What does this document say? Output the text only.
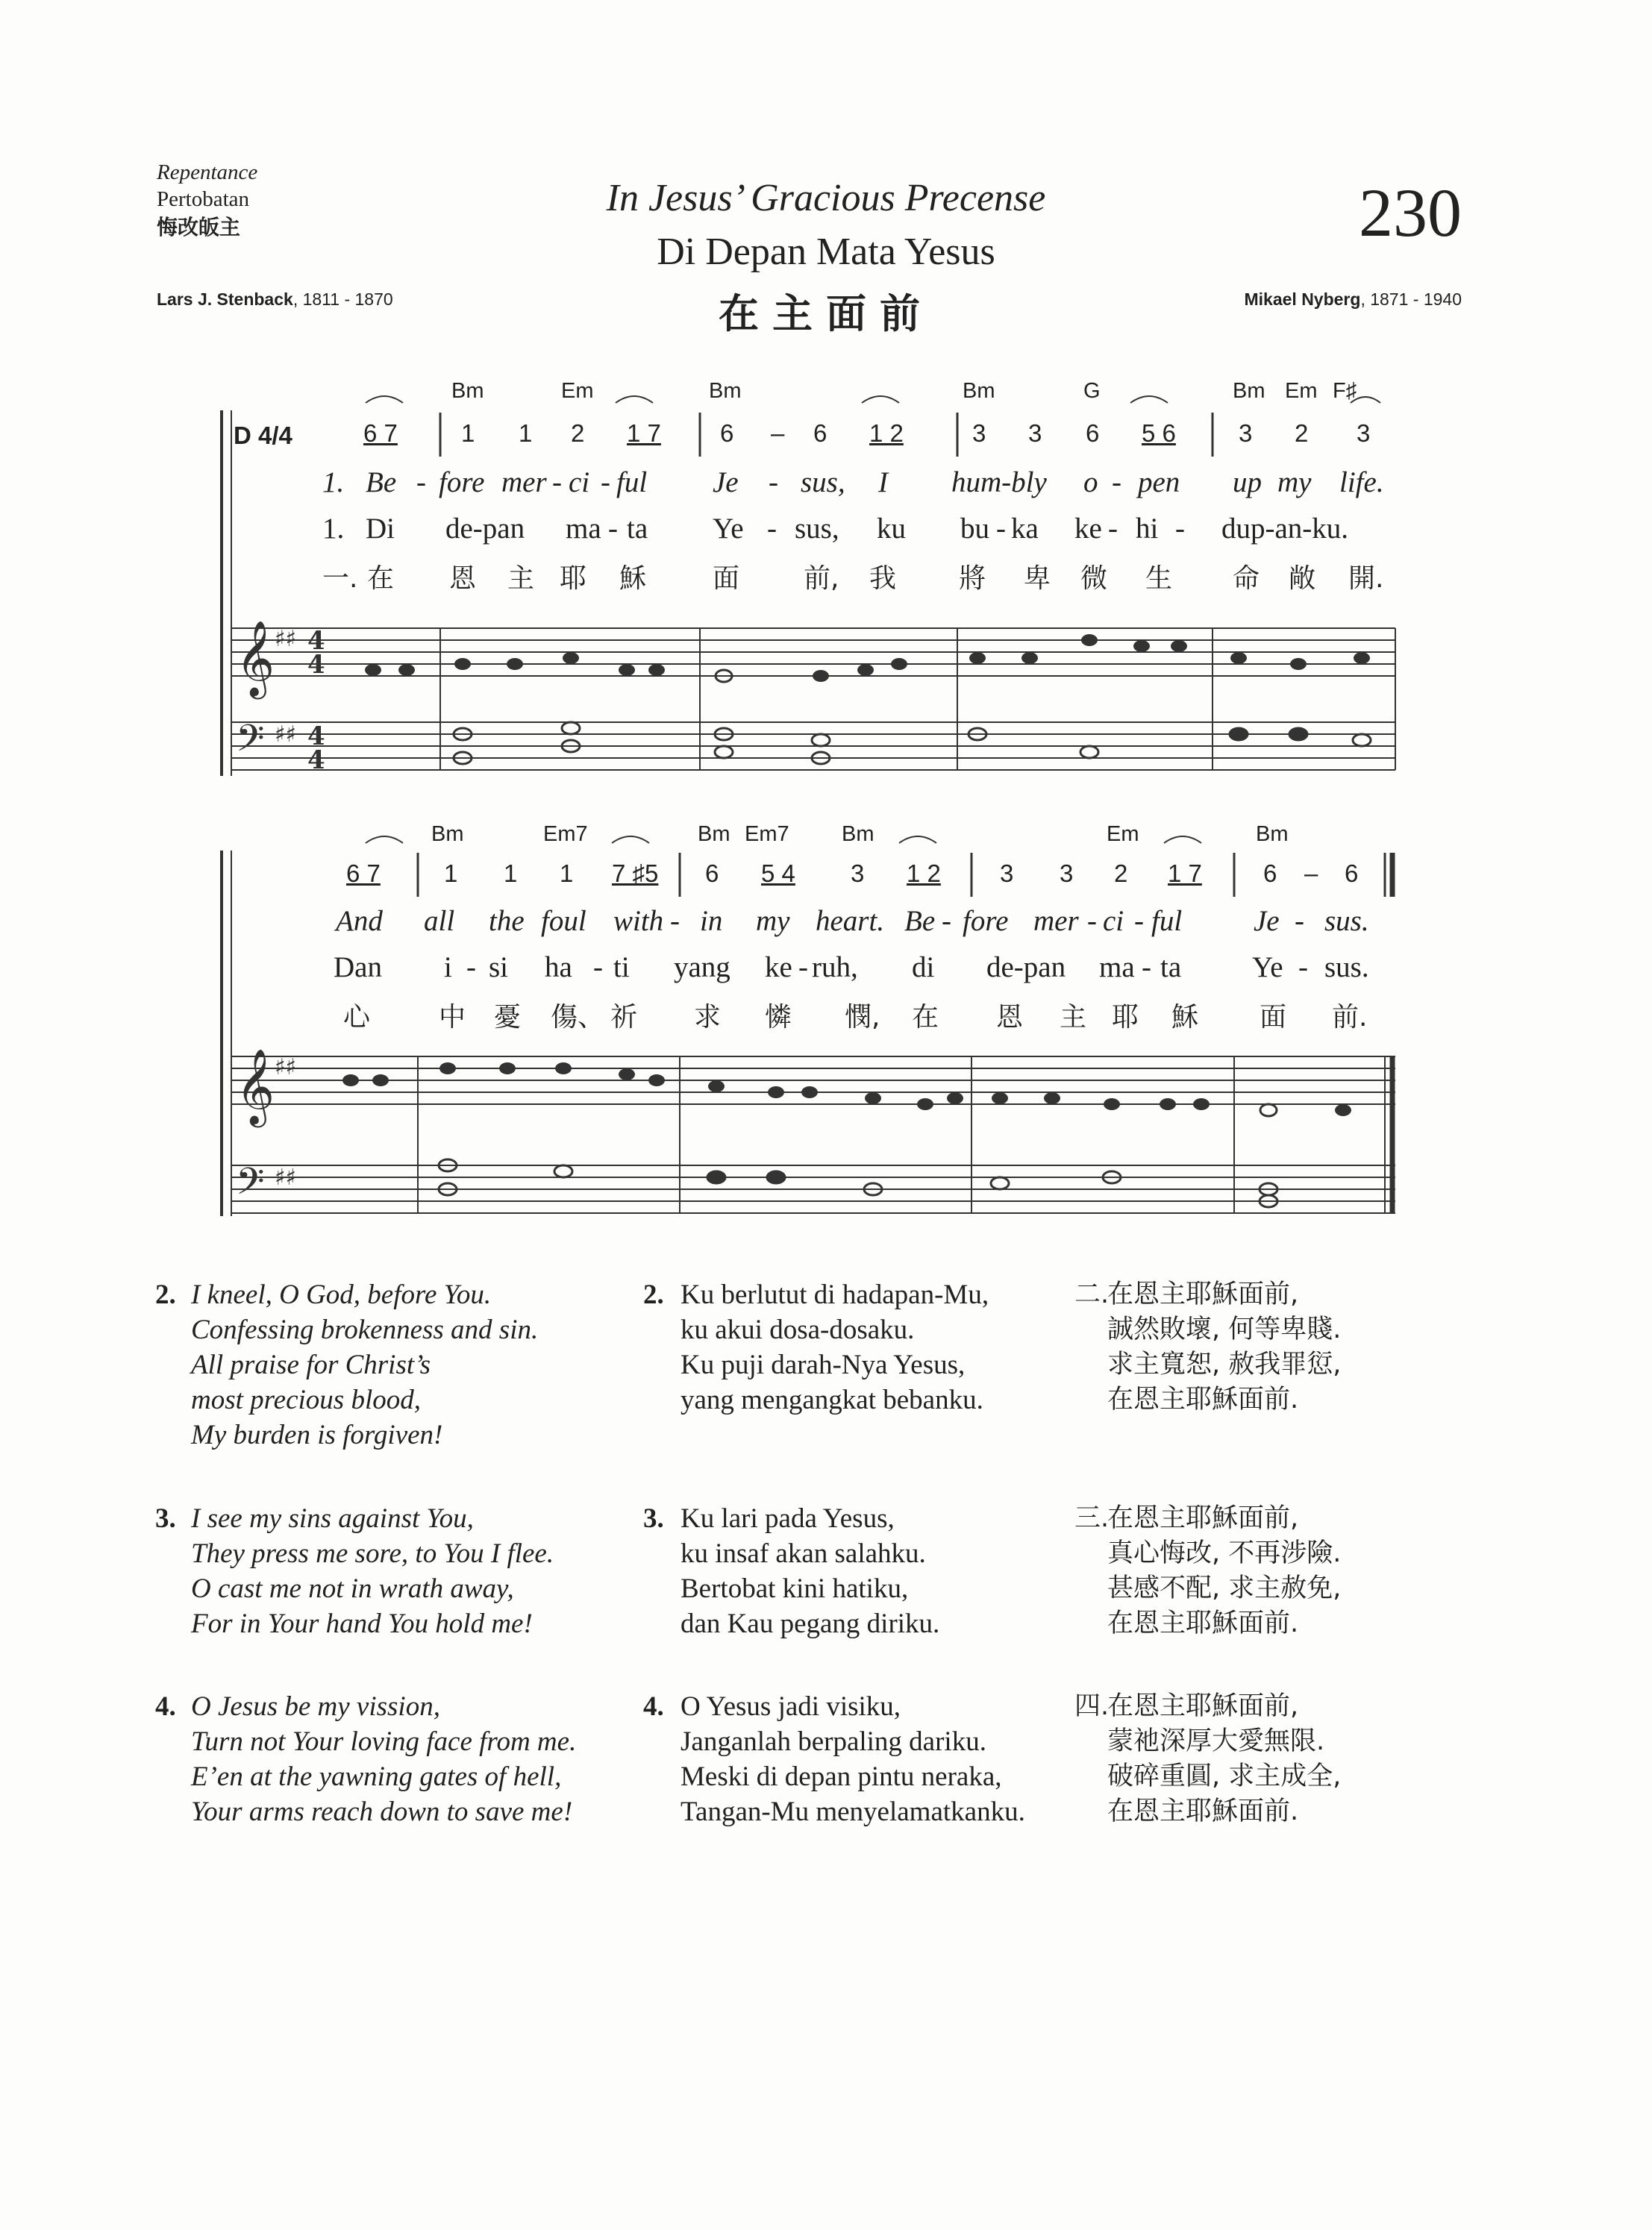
Repentance
Pertobatan
悔改皈主
In Jesus’ Gracious Precense
Di Depan Mata Yesus
在主面前
230
Lars J. Stenback, 1811 - 1870	Mikael Nyberg, 1871 - 1940
𝄞
𝄢
𝄞
𝄢
♯♯
♯♯
♯♯
♯♯
4
4
4
4
D 4/4
Bm	Em	Bm	Bm	G	Bm Em F♯
6 7	1 1 2 1 7 6 – 6 1 2	3 3 6 5 6	3 2 3
1. Be - fore mer - ci - ful Je - sus, I hum-bly o - pen up my life.
1. Di de-pan ma - ta Ye - sus, ku bu - ka ke - hi - dup-an-ku.
一. 在 恩 主 耶 穌 面 前, 我 將 卑 微 生 命 敞 開.
Bm	Em7	Bm Em7 Bm	Em	Bm
6 7	1 1 1 7 ♯5 6 5 4 3 1 2 3 3 2 1 7 6 – 6
And all the foul with - in my heart. Be - fore mer - ci - ful Je - sus.
Dan i - si ha - ti yang ke - ruh, di de-pan ma - ta Ye - sus.
心	中 憂 傷、 祈 求 憐 憫, 在 恩 主 耶 穌 面 前.
2. I kneel, O God, before You.
Confessing brokenness and sin.
All praise for Christ’s
most precious blood,
My burden is forgiven!
2. Ku berlutut di hadapan-Mu,
ku akui dosa-dosaku.
Ku puji darah-Nya Yesus,
yang mengangkat bebanku.
二.
在恩主耶穌面前,
誠然敗壞, 何等卑賤.
求主寬恕, 赦我罪愆,
在恩主耶穌面前.
3. I see my sins against You,
They press me sore, to You I flee.
O cast me not in wrath away,
For in Your hand You hold me!
3. Ku lari pada Yesus,
ku insaf akan salahku.
Bertobat kini hatiku,
dan Kau pegang diriku.
三.
在恩主耶穌面前,
真心悔改, 不再涉險.
甚感不配, 求主赦免,
在恩主耶穌面前.
4. O Jesus be my vission,
Turn not Your loving face from me.
E’en at the yawning gates of hell,
Your arms reach down to save me!
4. O Yesus jadi visiku,
Janganlah berpaling dariku.
Meski di depan pintu neraka,
Tangan-Mu menyelamatkanku.
四.
在恩主耶穌面前,
蒙祂深厚大愛無限.
破碎重圓, 求主成全,
在恩主耶穌面前.
